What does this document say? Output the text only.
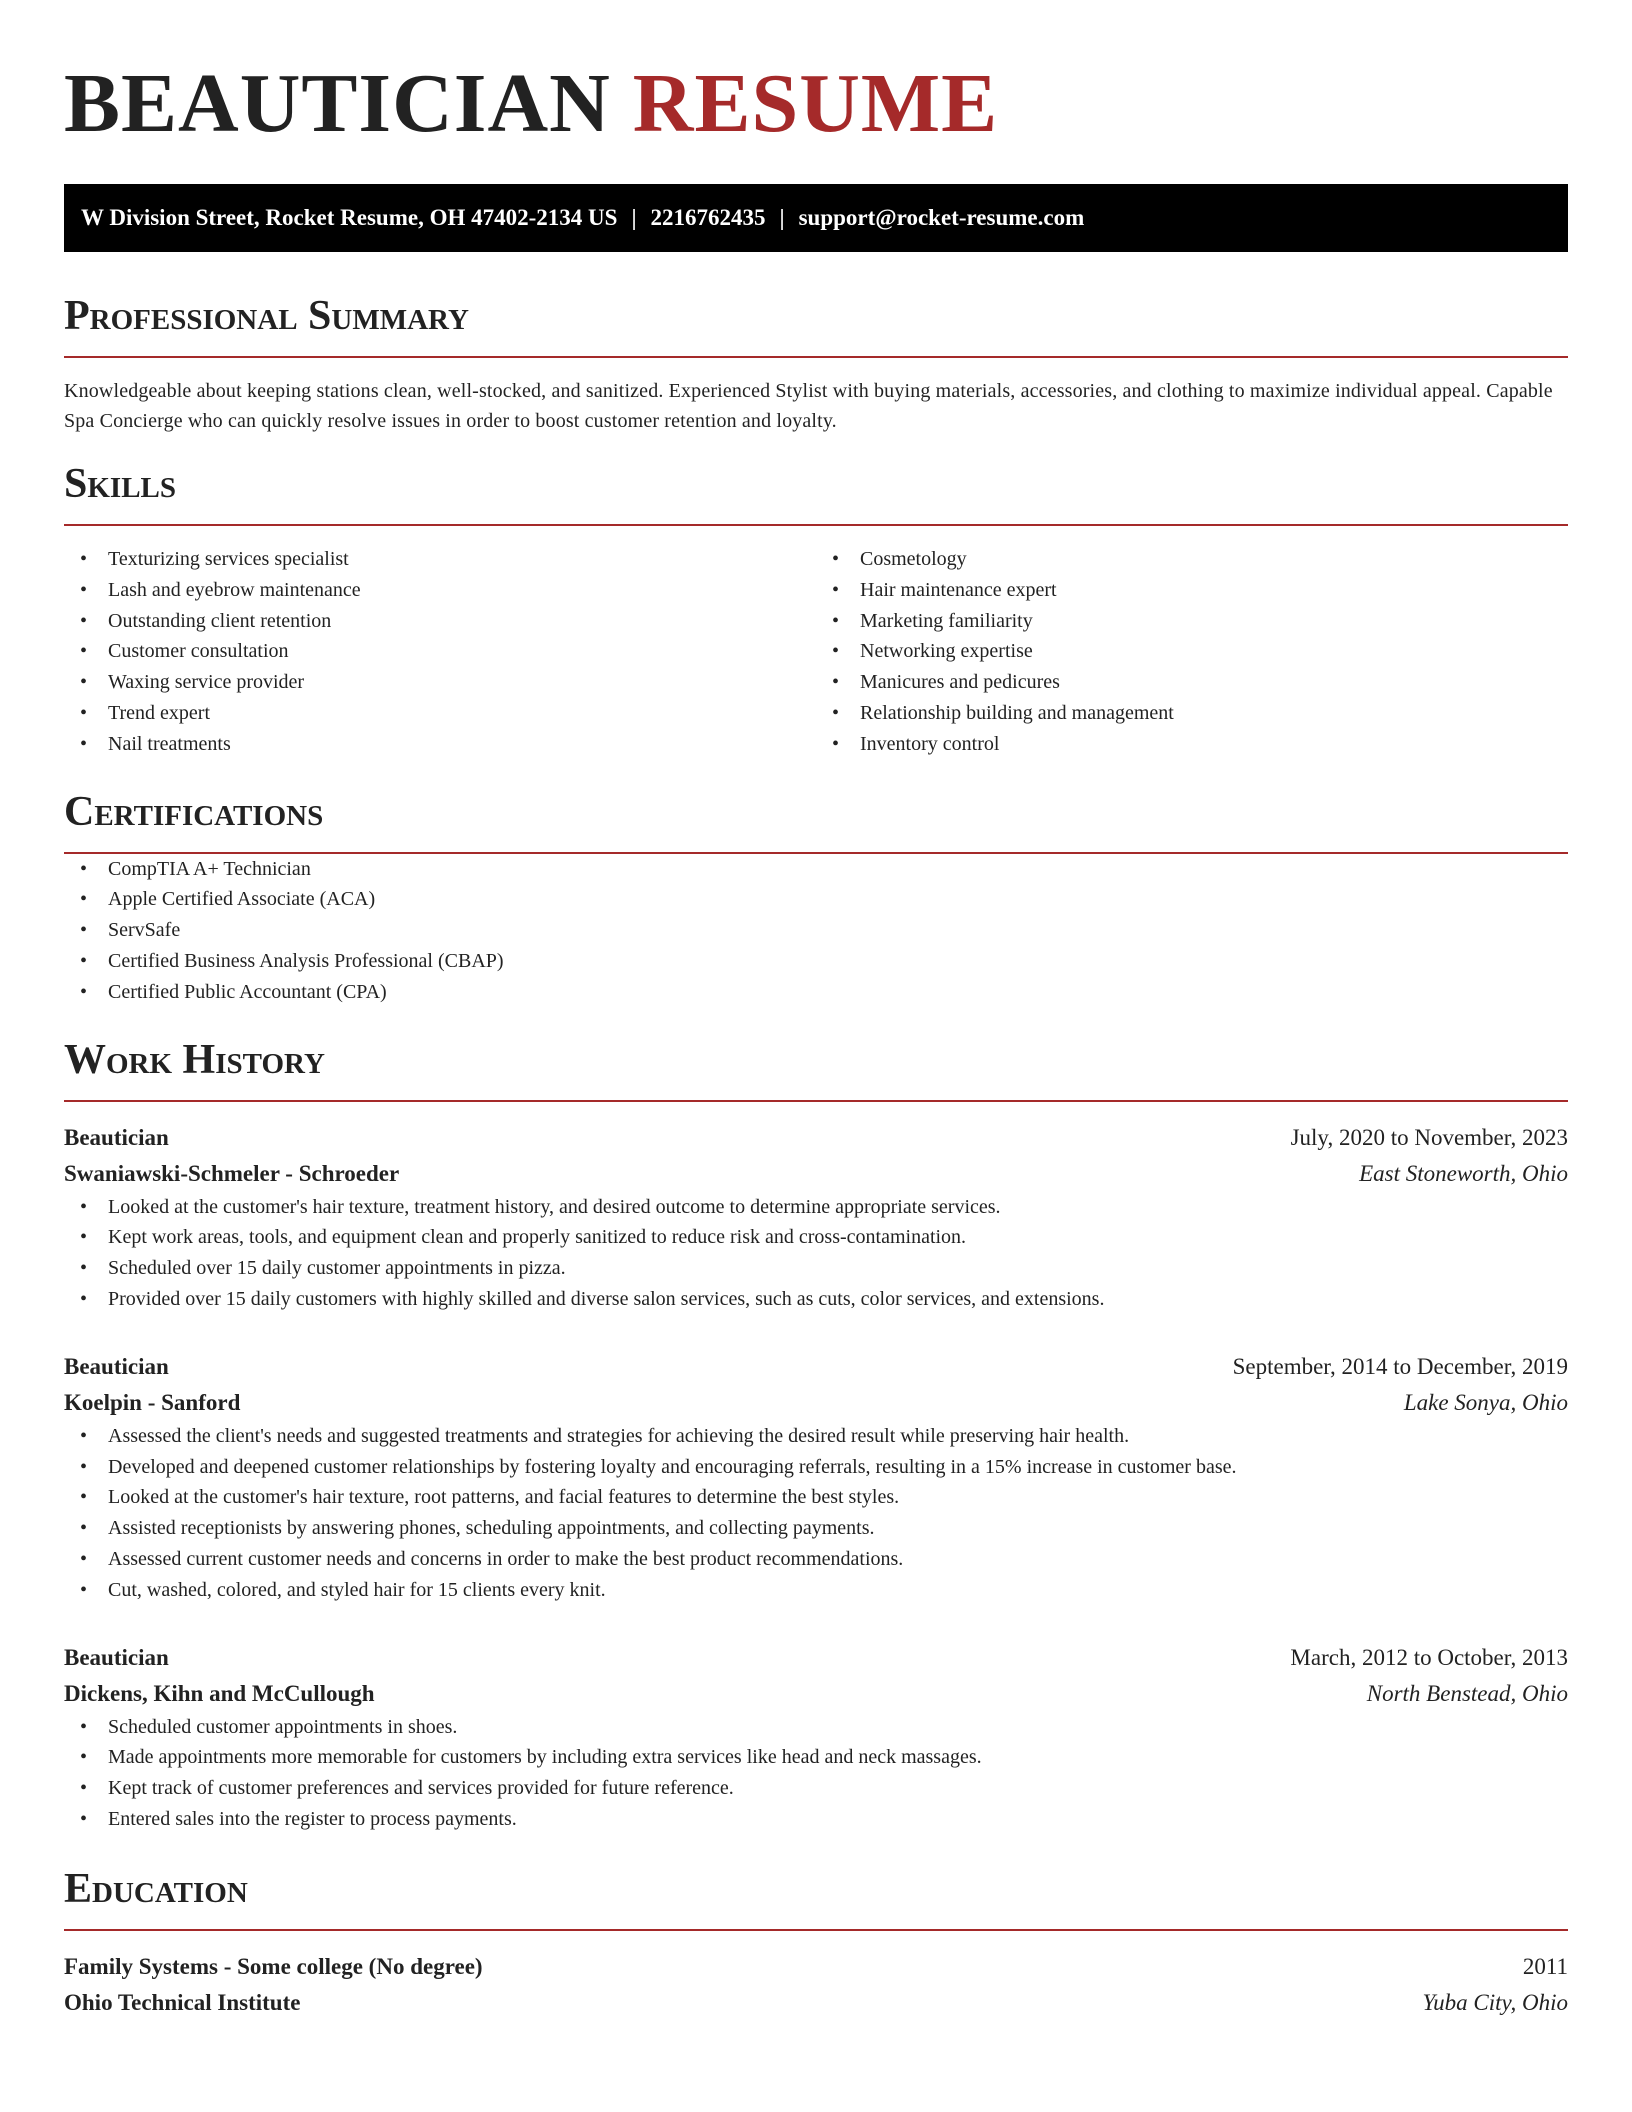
BEAUTICIAN RESUME
W Division Street, Rocket Resume, OH 47402-2134 US | 2216762435 | support@rocket-resume.com
Professional Summary

Knowledgeable about keeping stations clean, well-stocked, and sanitized. Experienced Stylist with buying materials, accessories, and clothing to maximize individual appeal. Capable Spa Concierge who can quickly resolve issues in order to boost customer retention and loyalty.

Skills
• Texturizing services specialist
• Lash and eyebrow maintenance
• Outstanding client retention
• Customer consultation
• Waxing service provider
• Trend expert
• Nail treatments
• Cosmetology
• Hair maintenance expert
• Marketing familiarity
• Networking expertise
• Manicures and pedicures
• Relationship building and management
• Inventory control
Certifications
• CompTIA A+ Technician
• Apple Certified Associate (ACA)
• ServSafe
• Certified Business Analysis Professional (CBAP)
• Certified Public Accountant (CPA)
Work History
Beautician	July, 2020 to November, 2023
Swaniawski-Schmeler - Schroeder	East Stoneworth, Ohio
• Looked at the customer's hair texture, treatment history, and desired outcome to determine appropriate services.
• Kept work areas, tools, and equipment clean and properly sanitized to reduce risk and cross-contamination.
• Scheduled over 15 daily customer appointments in pizza.
• Provided over 15 daily customers with highly skilled and diverse salon services, such as cuts, color services, and extensions.
Beautician	September, 2014 to December, 2019
Koelpin - Sanford	Lake Sonya, Ohio
• Assessed the client's needs and suggested treatments and strategies for achieving the desired result while preserving hair health.
• Developed and deepened customer relationships by fostering loyalty and encouraging referrals, resulting in a 15% increase in customer base.
• Looked at the customer's hair texture, root patterns, and facial features to determine the best styles.
• Assisted receptionists by answering phones, scheduling appointments, and collecting payments.
• Assessed current customer needs and concerns in order to make the best product recommendations.
• Cut, washed, colored, and styled hair for 15 clients every knit.
Beautician	March, 2012 to October, 2013
Dickens, Kihn and McCullough	North Benstead, Ohio
• Scheduled customer appointments in shoes.
• Made appointments more memorable for customers by including extra services like head and neck massages.
• Kept track of customer preferences and services provided for future reference.
• Entered sales into the register to process payments.
Education
Family Systems - Some college (No degree)	2011
Ohio Technical Institute	Yuba City, Ohio
